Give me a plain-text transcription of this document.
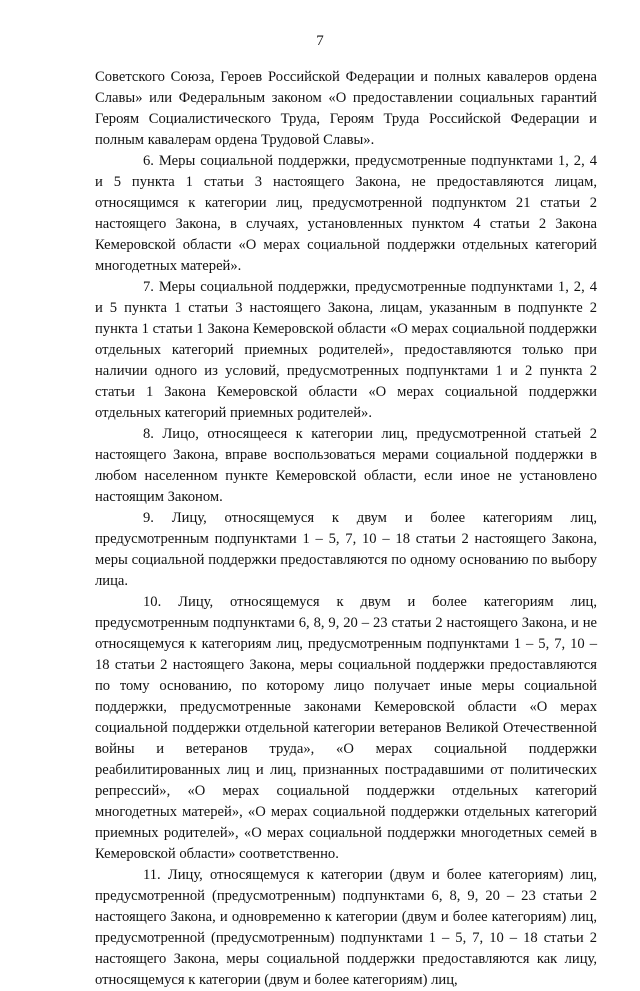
7

Советского Союза, Героев Российской Федерации и полных кавалеров ордена Славы» или Федеральным законом «О предоставлении социальных гарантий Героям Социалистического Труда, Героям Труда Российской Федерации и полным кавалерам ордена Трудовой Славы».

6. Меры социальной поддержки, предусмотренные подпунктами 1, 2, 4 и 5 пункта 1 статьи 3 настоящего Закона, не предоставляются лицам, относящимся к категории лиц, предусмотренной подпунктом 21 статьи 2 настоящего Закона, в случаях, установленных пунктом 4 статьи 2 Закона Кемеровской области «О мерах социальной поддержки отдельных категорий многодетных матерей».

7. Меры социальной поддержки, предусмотренные подпунктами 1, 2, 4 и 5 пункта 1 статьи 3 настоящего Закона, лицам, указанным в подпункте 2 пункта 1 статьи 1 Закона Кемеровской области «О мерах социальной поддержки отдельных категорий приемных родителей», предоставляются только при наличии одного из условий, предусмотренных подпунктами 1 и 2 пункта 2 статьи 1 Закона Кемеровской области «О мерах социальной поддержки отдельных категорий приемных родителей».

8. Лицо, относящееся к категории лиц, предусмотренной статьей 2 настоящего Закона, вправе воспользоваться мерами социальной поддержки в любом населенном пункте Кемеровской области, если иное не установлено настоящим Законом.

9. Лицу, относящемуся к двум и более категориям лиц, предусмотренным подпунктами 1 – 5, 7, 10 – 18 статьи 2 настоящего Закона, меры социальной поддержки предоставляются по одному основанию по выбору лица.

10. Лицу, относящемуся к двум и более категориям лиц, предусмотренным подпунктами 6, 8, 9, 20 – 23 статьи 2 настоящего Закона, и не относящемуся к категориям лиц, предусмотренным подпунктами 1 – 5, 7, 10 – 18 статьи 2 настоящего Закона, меры социальной поддержки предоставляются по тому основанию, по которому лицо получает иные меры социальной поддержки, предусмотренные законами Кемеровской области «О мерах социальной поддержки отдельной категории ветеранов Великой Отечественной войны и ветеранов труда», «О мерах социальной поддержки реабилитированных лиц и лиц, признанных пострадавшими от политических репрессий», «О мерах социальной поддержки отдельных категорий многодетных матерей», «О мерах социальной поддержки отдельных категорий приемных родителей», «О мерах социальной поддержки многодетных семей в Кемеровской области» соответственно.

11. Лицу, относящемуся к категории (двум и более категориям) лиц, предусмотренной (предусмотренным) подпунктами 6, 8, 9, 20 – 23 статьи 2 настоящего Закона, и одновременно к категории (двум и более категориям) лиц, предусмотренной (предусмотренным) подпунктами 1 – 5, 7, 10 – 18 статьи 2 настоящего Закона, меры социальной поддержки предоставляются как лицу, относящемуся к категории (двум и более категориям) лиц,
